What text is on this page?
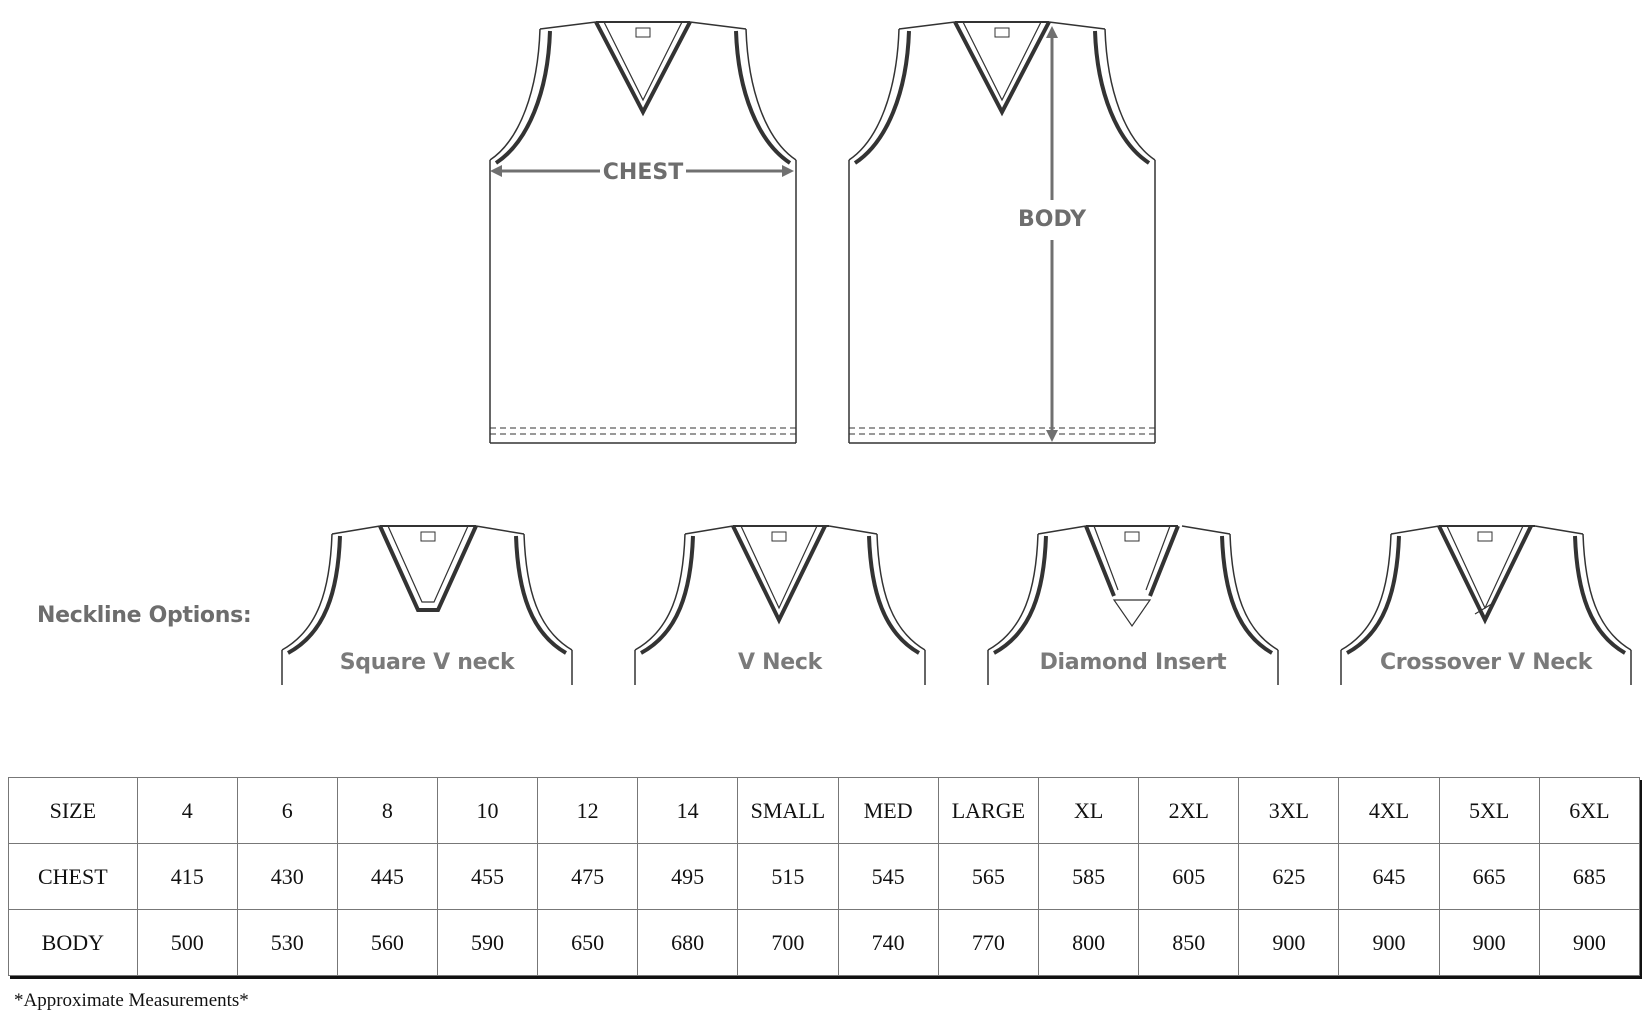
CHEST
BODY
Neckline Options:
Square V neck	V Neck	Diamond Insert	Crossover V Neck
SIZE	4	6	8	10	12	14	SMALL	MED	LARGE	XL	2XL	3XL	4XL	5XL	6XL
CHEST	415	430	445	455	475	495	515	545	565	585	605	625	645	665	685
BODY	500	530	560	590	650	680	700	740	770	800	850	900	900	900	900
*Approximate Measurements*
